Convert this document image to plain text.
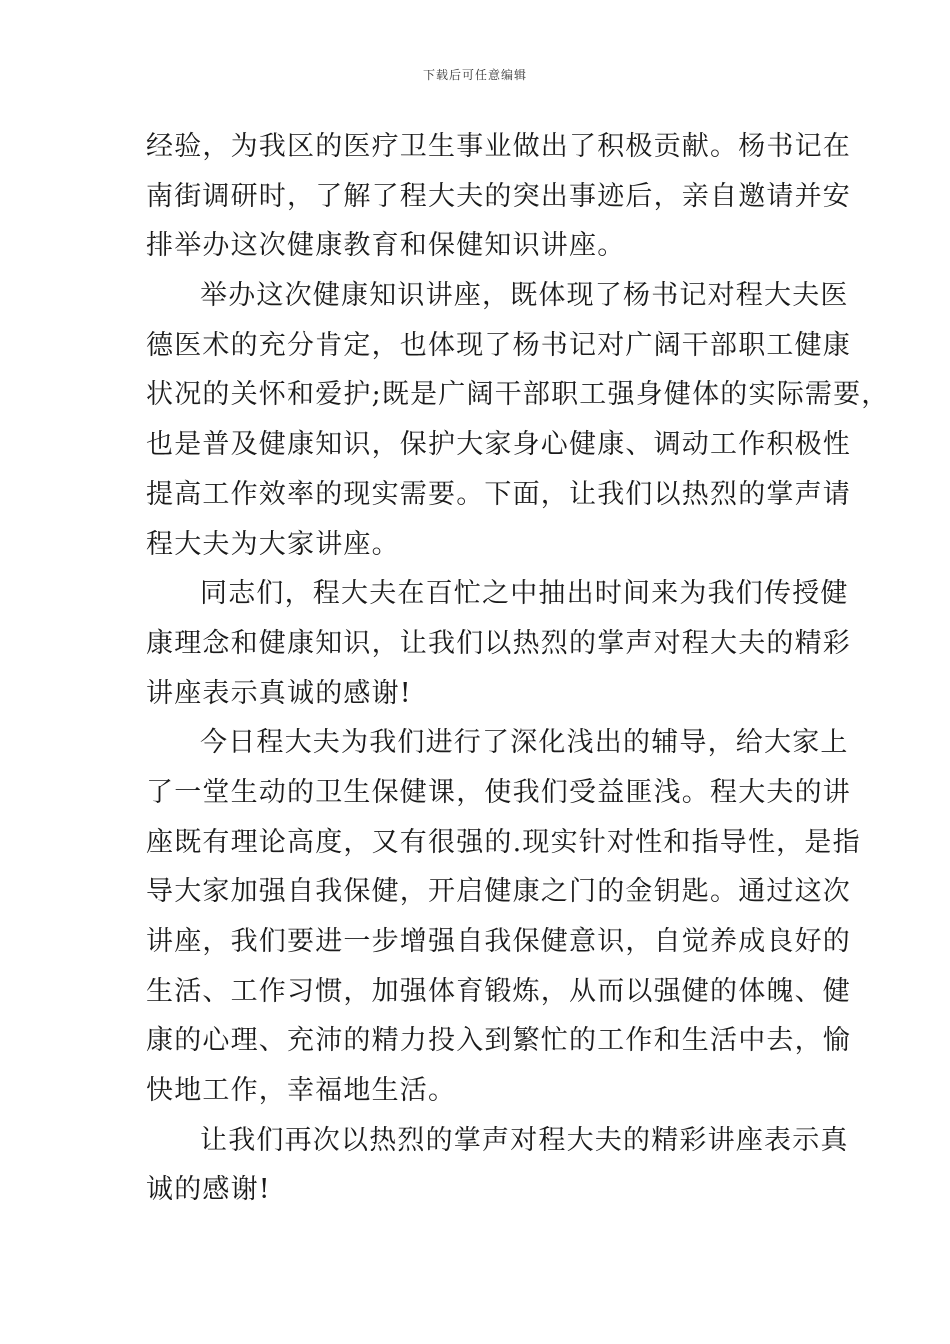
下载后可任意编辑
经验，为我区的医疗卫生事业做出了积极贡献。杨书记在
南街调研时，了解了程大夫的突出事迹后，亲自邀请并安
排举办这次健康教育和保健知识讲座。
举办这次健康知识讲座，既体现了杨书记对程大夫医
德医术的充分肯定，也体现了杨书记对广阔干部职工健康
状况的关怀和爱护;既是广阔干部职工强身健体的实际需要，
也是普及健康知识，保护大家身心健康、调动工作积极性
提高工作效率的现实需要。下面，让我们以热烈的掌声请
程大夫为大家讲座。
同志们，程大夫在百忙之中抽出时间来为我们传授健
康理念和健康知识，让我们以热烈的掌声对程大夫的精彩
讲座表示真诚的感谢!
今日程大夫为我们进行了深化浅出的辅导，给大家上
了一堂生动的卫生保健课，使我们受益匪浅。程大夫的讲
座既有理论高度，又有很强的.现实针对性和指导性，是指
导大家加强自我保健，开启健康之门的金钥匙。通过这次
讲座，我们要进一步增强自我保健意识，自觉养成良好的
生活、工作习惯，加强体育锻炼，从而以强健的体魄、健
康的心理、充沛的精力投入到繁忙的工作和生活中去，愉
快地工作，幸福地生活。
让我们再次以热烈的掌声对程大夫的精彩讲座表示真
诚的感谢!
